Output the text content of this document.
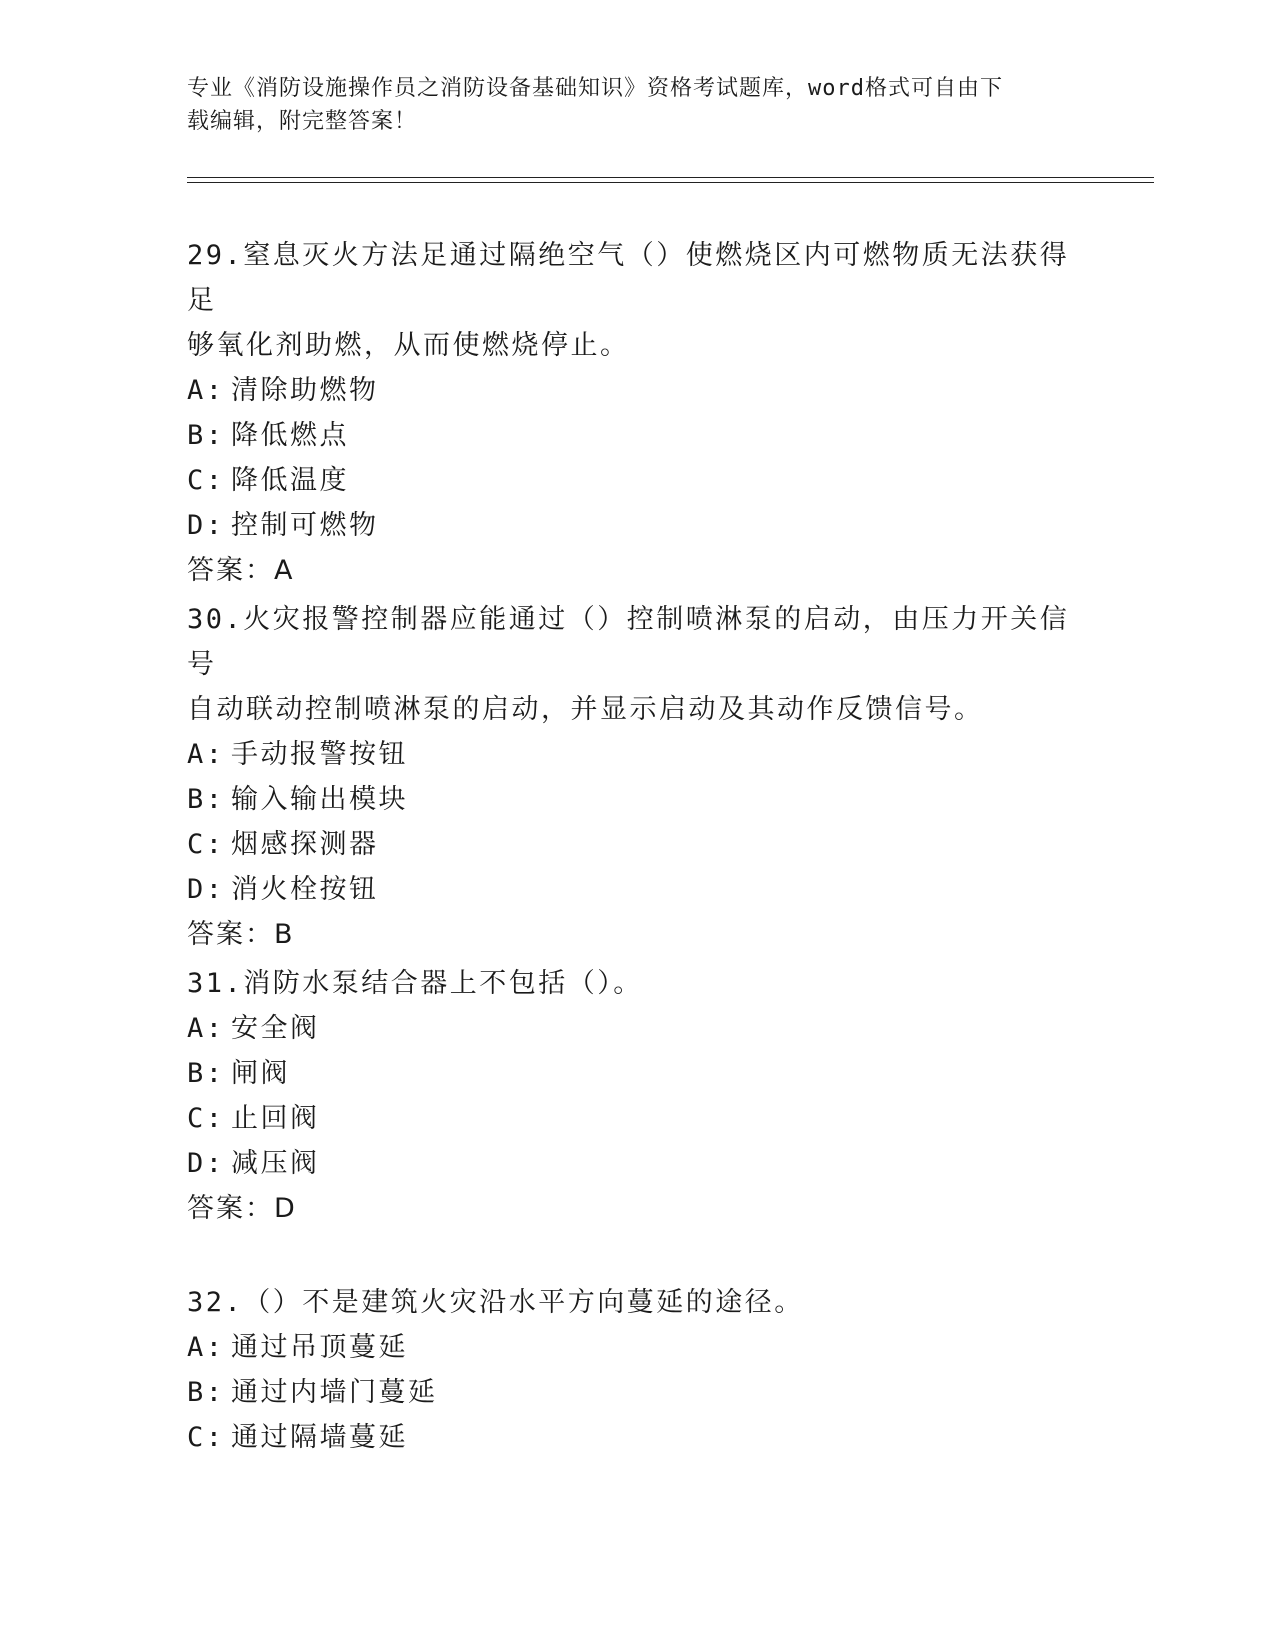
专业《消防设施操作员之消防设备基础知识》资格考试题库，word格式可自由下
载编辑，附完整答案！
29.窒息灭火方法足通过隔绝空气（）使燃烧区内可燃物质无法获得足
够氧化剂助燃，从而使燃烧停止。
A: 清除助燃物
B: 降低燃点
C: 降低温度
D: 控制可燃物
答案：A
30.火灾报警控制器应能通过（）控制喷淋泵的启动，由压力开关信号
自动联动控制喷淋泵的启动，并显示启动及其动作反馈信号。
A: 手动报警按钮
B: 输入输出模块
C: 烟感探测器
D: 消火栓按钮
答案：B
31.消防水泵结合器上不包括（）。
A: 安全阀
B: 闸阀
C: 止回阀
D: 减压阀
答案：D
32.（）不是建筑火灾沿水平方向蔓延的途径。
A: 通过吊顶蔓延
B: 通过内墙门蔓延
C: 通过隔墙蔓延
